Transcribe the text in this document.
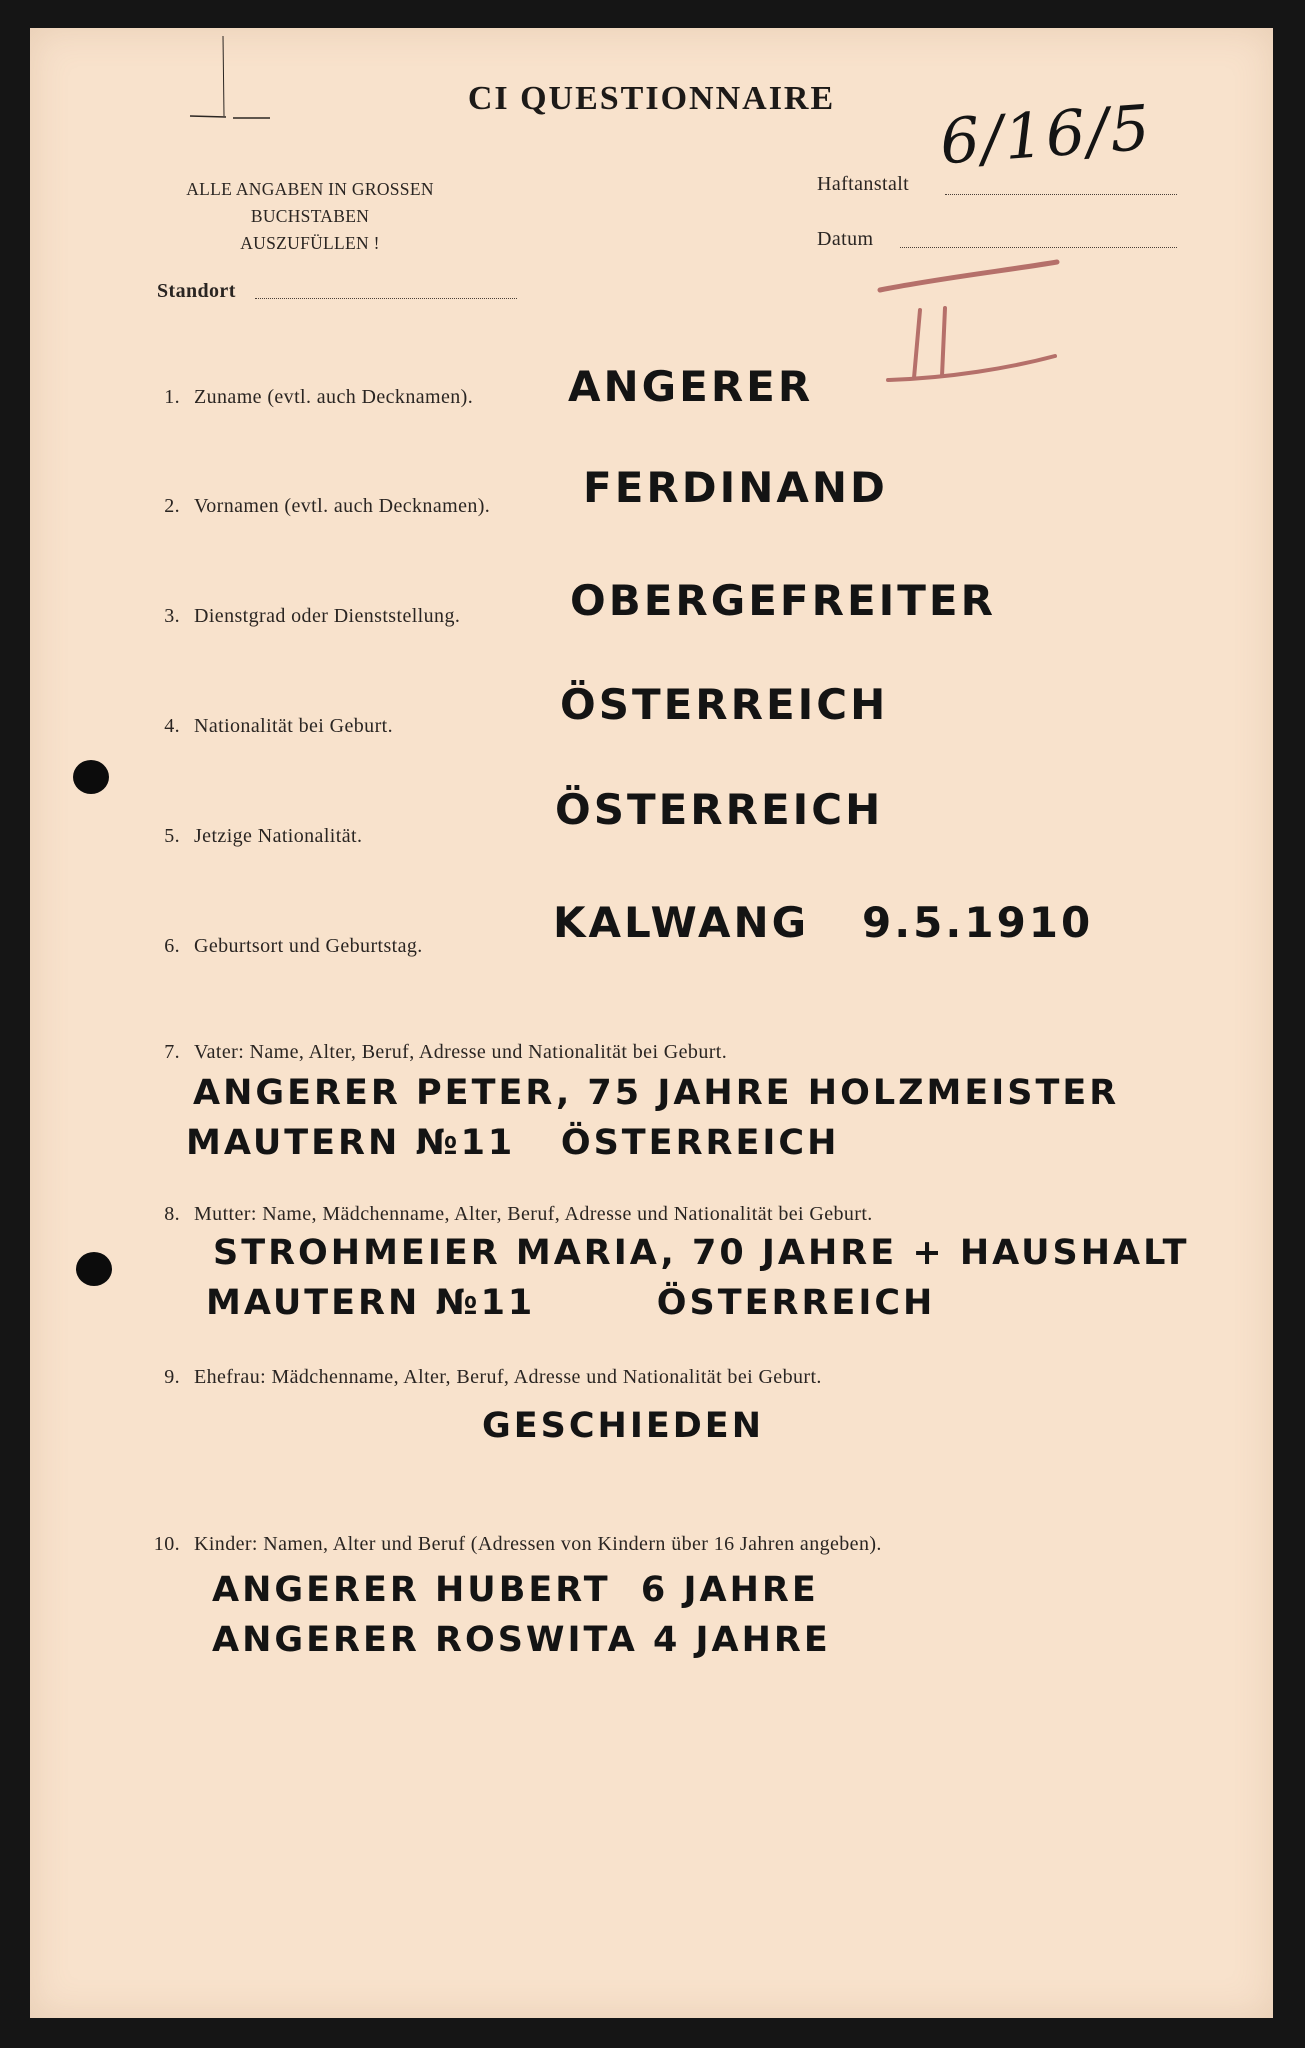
CI QUESTIONNAIRE
ALLE ANGABEN IN GROSSEN BUCHSTABEN
AUSZUFÜLLEN !
Haftanstalt
Datum
Standort
6/16/5
1. Zuname (evtl. auch Decknamen). ANGERER
2. Vornamen (evtl. auch Decknamen). FERDINAND
3. Dienstgrad oder Dienststellung.	OBERGEFREITER
4. Nationalität bei Geburt.	ÖSTERREICH
5. Jetzige Nationalität.
ÖSTERREICH
6. Geburtsort und Geburtstag.	KALWANG   9.5.1910
7. Vater: Name, Alter, Beruf, Adresse und Nationalität bei Geburt.
ANGERER PETER, 75 JAHRE HOLZMEISTER
MAUTERN №11   ÖSTERREICH
8. Mutter: Name, Mädchenname, Alter, Beruf, Adresse und Nationalität bei Geburt.
STROHMEIER MARIA, 70 JAHRE + HAUSHALT
MAUTERN №11        ÖSTERREICH
9. Ehefrau: Mädchenname, Alter, Beruf, Adresse und Nationalität bei Geburt.
GESCHIEDEN
10. Kinder: Namen, Alter und Beruf (Adressen von Kindern über 16 Jahren angeben).
ANGERER HUBERT  6 JAHRE
ANGERER ROSWITA 4 JAHRE
